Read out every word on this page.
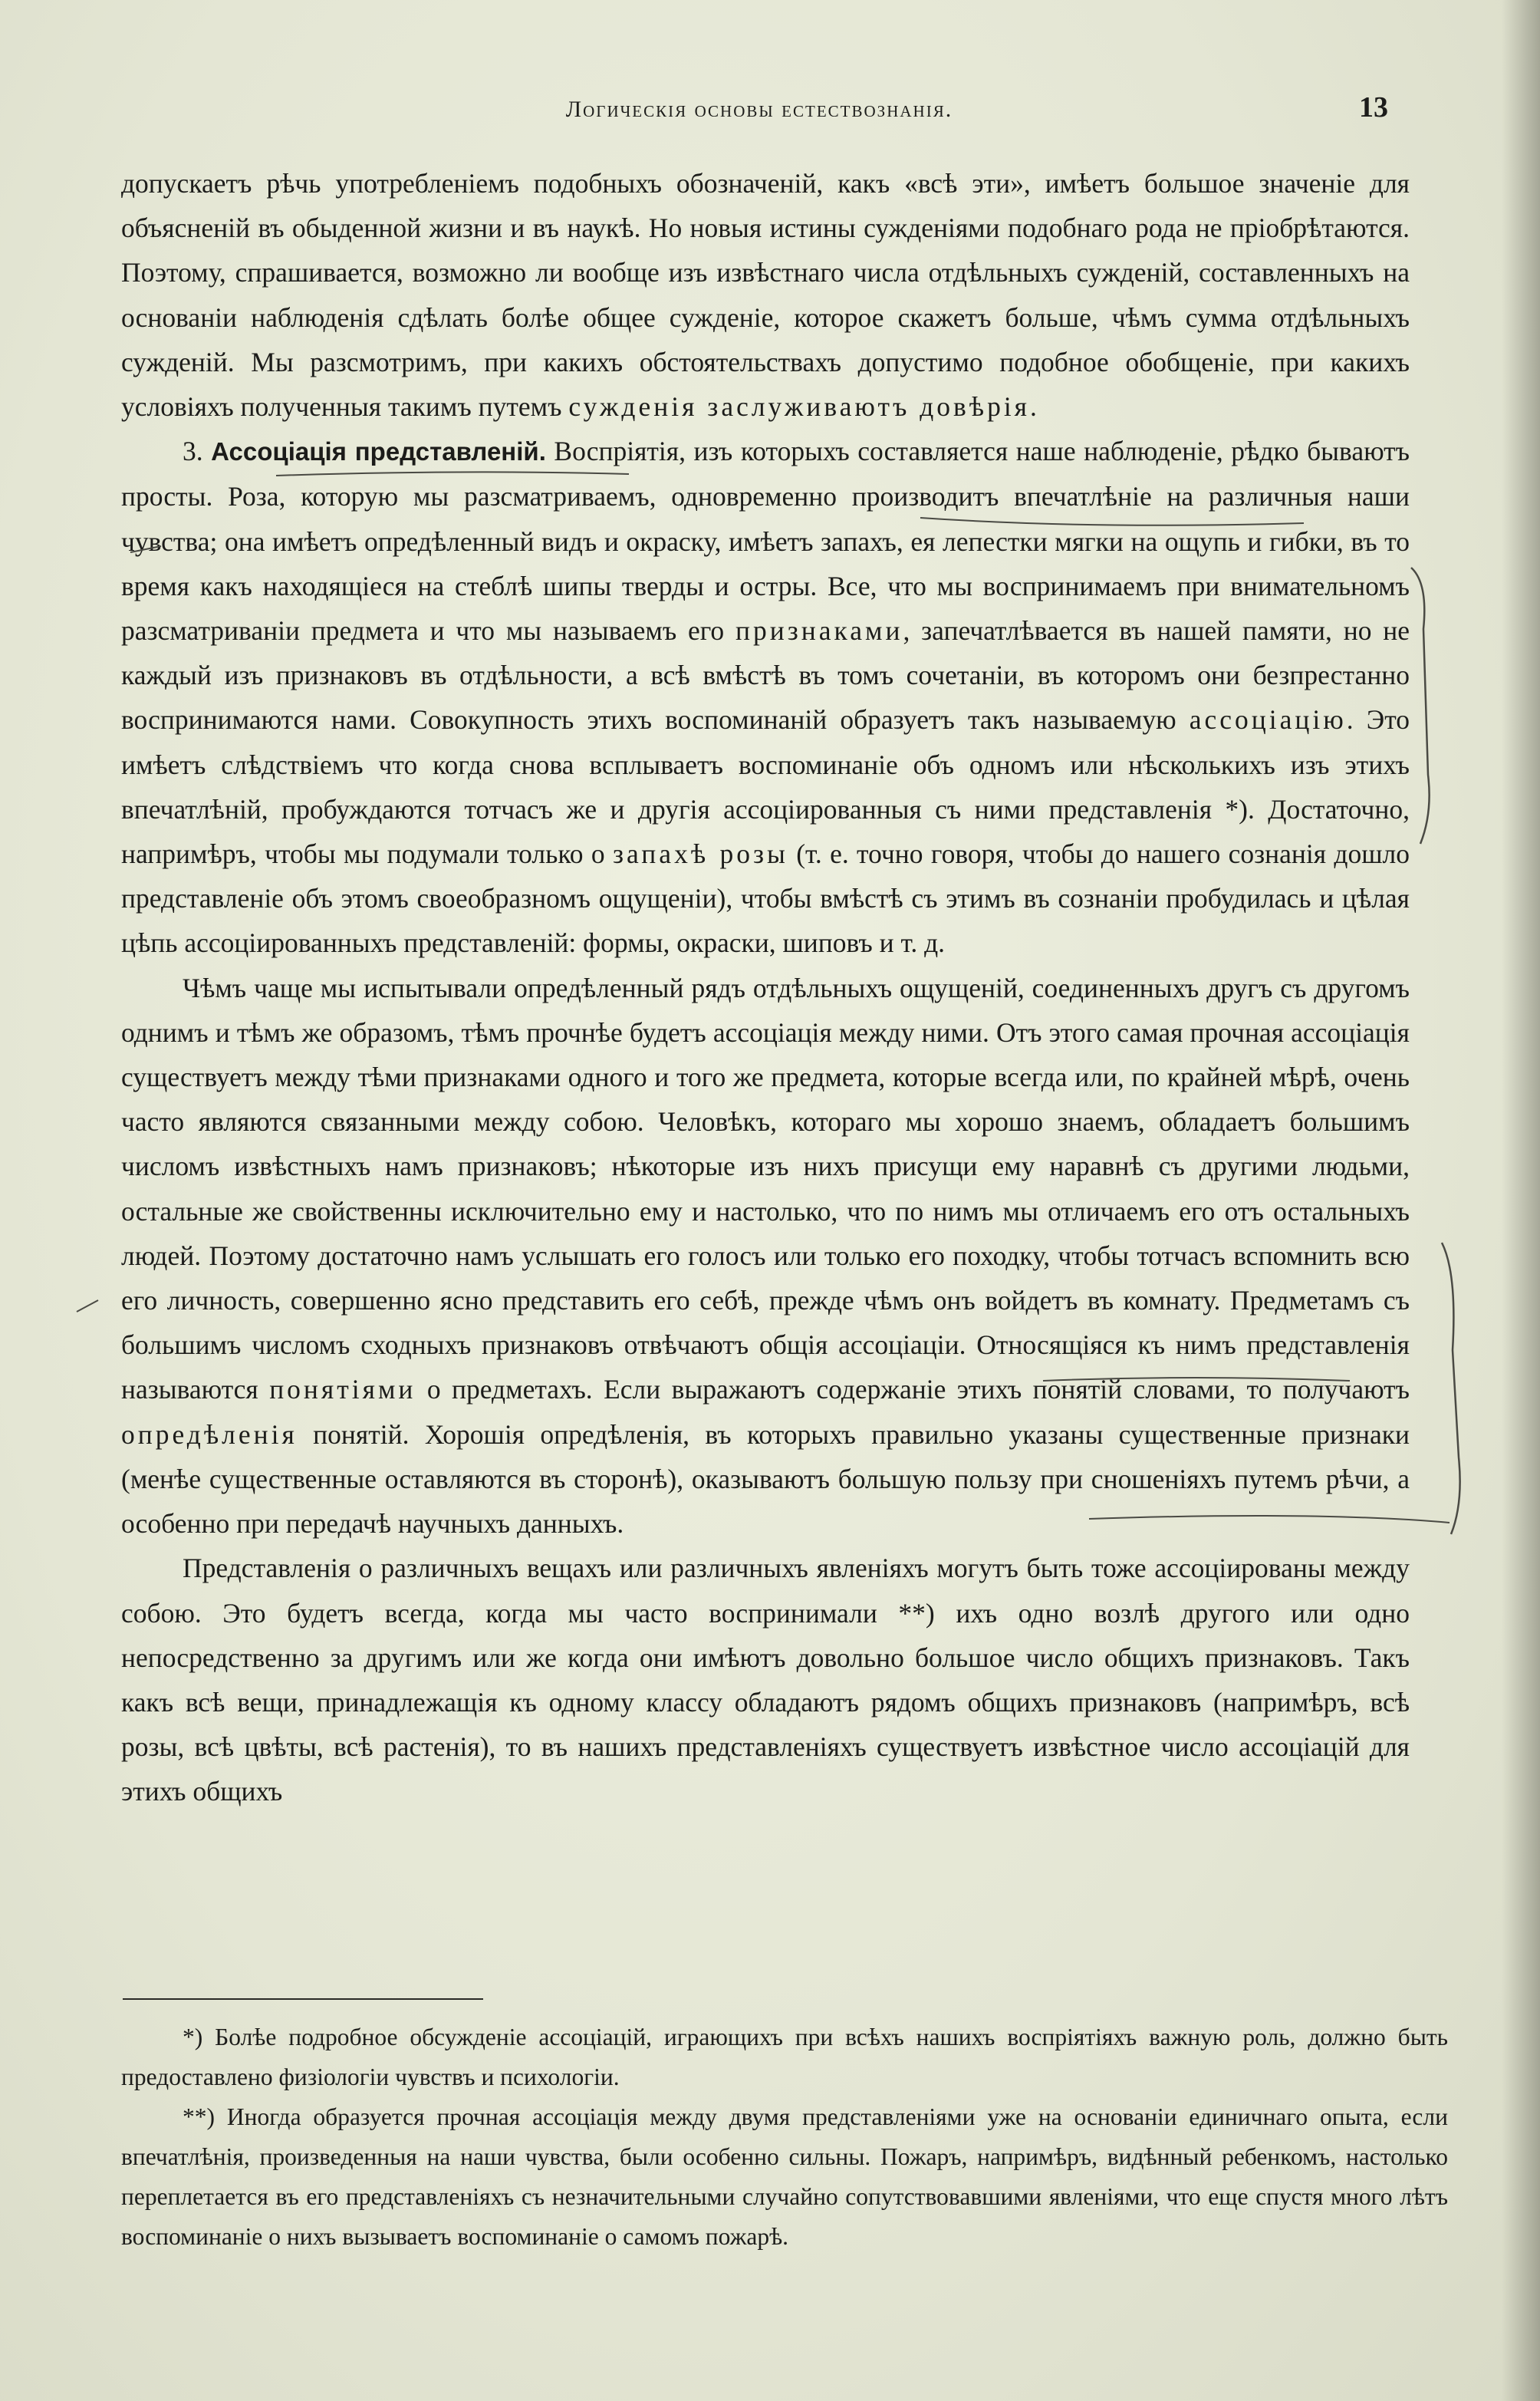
Логическія основы естествознанія.	13

допускаетъ рѣчь употребленіемъ подобныхъ обозначеній, какъ «всѣ эти», имѣетъ большое значеніе для объясненій въ обыденной жизни и въ наукѣ. Но новыя истины сужденіями подобнаго рода не пріобрѣтаются. Поэтому, спрашивается, возможно ли вообще изъ извѣстнаго числа отдѣльныхъ сужденій, составленныхъ на основаніи наблюденія сдѣлать болѣе общее сужденіе, которое скажетъ больше, чѣмъ сумма отдѣльныхъ сужденій. Мы разсмотримъ, при какихъ обстоятельствахъ допустимо подобное обобщеніе, при какихъ условіяхъ полученныя такимъ путемъ сужденія заслуживаютъ довѣрія.

3. Ассоціація представленій. Воспріятія, изъ которыхъ составляется наше наблюденіе, рѣдко бываютъ просты. Роза, которую мы разсматриваемъ, одновременно производитъ впечатлѣніе на различныя наши чувства; она имѣетъ опредѣленный видъ и окраску, имѣетъ запахъ, ея лепестки мягки на ощупь и гибки, въ то время какъ находящіеся на стеблѣ шипы тверды и остры. Все, что мы воспринимаемъ при внимательномъ разсматриваніи предмета и что мы называемъ его признаками, запечатлѣвается въ нашей памяти, но не каждый изъ признаковъ въ отдѣльности, а всѣ вмѣстѣ въ томъ сочетаніи, въ которомъ они безпрестанно воспринимаются нами. Совокупность этихъ воспоминаній образуетъ такъ называемую ассоціацію. Это имѣетъ слѣдствіемъ что когда снова всплываетъ воспоминаніе объ одномъ или нѣсколькихъ изъ этихъ впечатлѣній, пробуждаются тотчасъ же и другія ассоціированныя съ ними представленія *). Достаточно, напримѣръ, чтобы мы подумали только о запахѣ розы (т. е. точно говоря, чтобы до нашего сознанія дошло представленіе объ этомъ своеобразномъ ощущеніи), чтобы вмѣстѣ съ этимъ въ сознаніи пробудилась и цѣлая цѣпь ассоціированныхъ представленій: формы, окраски, шиповъ и т. д.

Чѣмъ чаще мы испытывали опредѣленный рядъ отдѣльныхъ ощущеній, соединенныхъ другъ съ другомъ однимъ и тѣмъ же образомъ, тѣмъ прочнѣе будетъ ассоціація между ними. Отъ этого самая прочная ассоціація существуетъ между тѣми признаками одного и того же предмета, которые всегда или, по крайней мѣрѣ, очень часто являются связанными между собою. Человѣкъ, котораго мы хорошо знаемъ, обладаетъ большимъ числомъ извѣстныхъ намъ признаковъ; нѣкоторые изъ нихъ присущи ему наравнѣ съ другими людьми, остальные же свойственны исключительно ему и настолько, что по нимъ мы отличаемъ его отъ остальныхъ людей. Поэтому достаточно намъ услышать его голосъ или только его походку, чтобы тотчасъ вспомнить всю его личность, совершенно ясно представить его себѣ, прежде чѣмъ онъ войдетъ въ комнату. Предметамъ съ большимъ числомъ сходныхъ признаковъ отвѣчаютъ общія ассоціаціи. Относящіяся къ нимъ представленія называются понятіями о предметахъ. Если выражаютъ содержаніе этихъ понятій словами, то получаютъ опредѣленія понятій. Хорошія опредѣленія, въ которыхъ правильно указаны существенные признаки (менѣе существенные оставляются въ сторонѣ), оказываютъ большую пользу при сношеніяхъ путемъ рѣчи, а особенно при передачѣ научныхъ данныхъ.

Представленія о различныхъ вещахъ или различныхъ явленіяхъ могутъ быть тоже ассоціированы между собою. Это будетъ всегда, когда мы часто воспринимали **) ихъ одно возлѣ другого или одно непосредственно за другимъ или же когда они имѣютъ довольно большое число общихъ признаковъ. Такъ какъ всѣ вещи, принадлежащія къ одному классу обладаютъ рядомъ общихъ признаковъ (напримѣръ, всѣ розы, всѣ цвѣты, всѣ растенія), то въ нашихъ представленіяхъ существуетъ извѣстное число ассоціацій для этихъ общихъ

*) Болѣе подробное обсужденіе ассоціацій, играющихъ при всѣхъ нашихъ воспріятіяхъ важную роль, должно быть предоставлено физіологіи чувствъ и психологіи.

**) Иногда образуется прочная ассоціація между двумя представленіями уже на основаніи единичнаго опыта, если впечатлѣнія, произведенныя на наши чувства, были особенно сильны. Пожаръ, напримѣръ, видѣнный ребенкомъ, настолько переплетается въ его представленіяхъ съ незначительными случайно сопутствовавшими явленіями, что еще спустя много лѣтъ воспоминаніе о нихъ вызываетъ воспоминаніе о самомъ пожарѣ.
